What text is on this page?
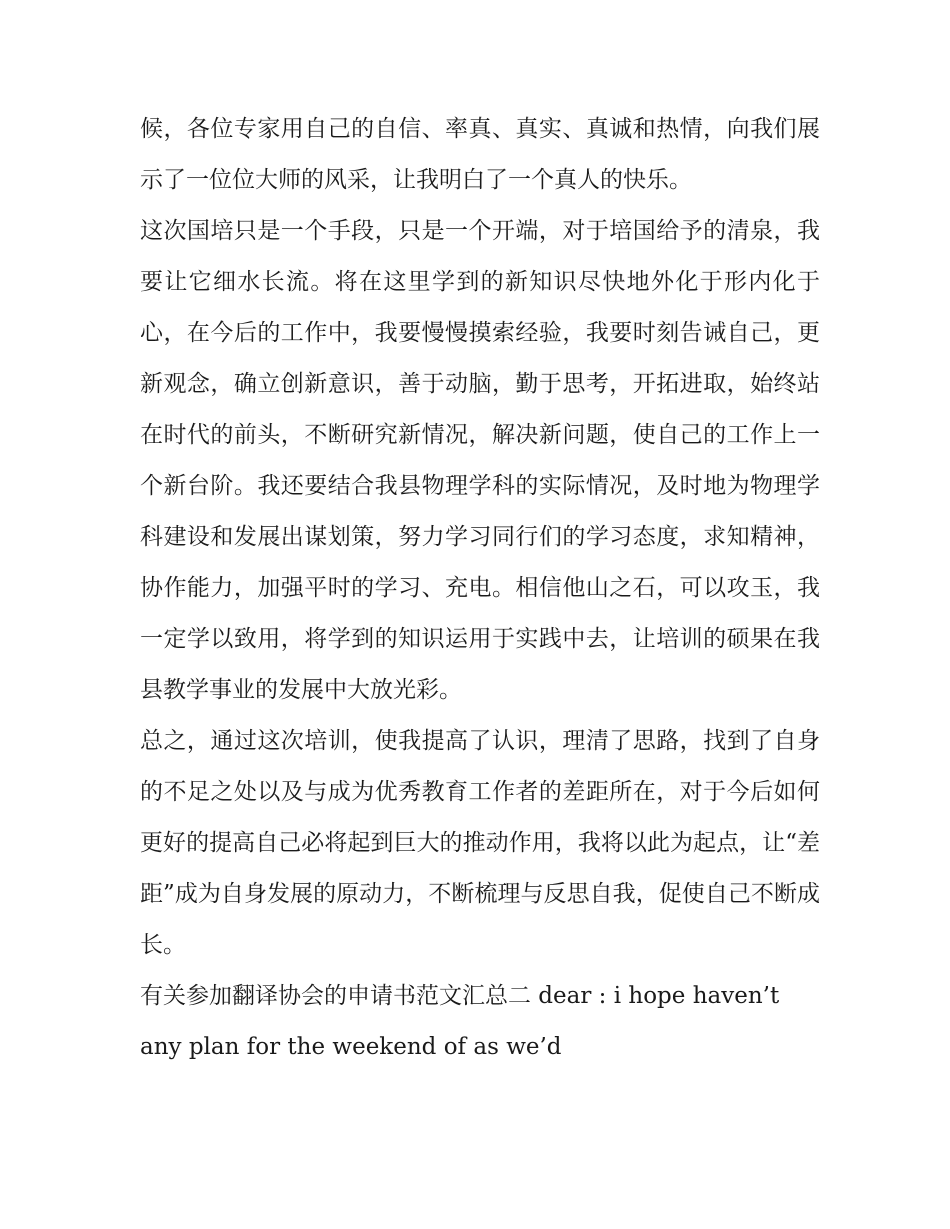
候，各位专家用自己的自信、率真、真实、真诚和热情，向我们展示了一位位大师的风采，让我明白了一个真人的快乐。

这次国培只是一个手段，只是一个开端，对于培国给予的清泉，我要让它细水长流。将在这里学到的新知识尽快地外化于形内化于心，在今后的工作中，我要慢慢摸索经验，我要时刻告诫自己，更新观念，确立创新意识，善于动脑，勤于思考，开拓进取，始终站在时代的前头，不断研究新情况，解决新问题，使自己的工作上一个新台阶。我还要结合我县物理学科的实际情况，及时地为物理学科建设和发展出谋划策，努力学习同行们的学习态度，求知精神，协作能力，加强平时的学习、充电。相信他山之石，可以攻玉，我一定学以致用，将学到的知识运用于实践中去，让培训的硕果在我县教学事业的发展中大放光彩。

总之，通过这次培训，使我提高了认识，理清了思路，找到了自身的不足之处以及与成为优秀教育工作者的差距所在，对于今后如何更好的提高自己必将起到巨大的推动作用，我将以此为起点，让“差距”成为自身发展的原动力，不断梳理与反思自我，促使自己不断成长。

有关参加翻译协会的申请书范文汇总二 dear : i hope haven’t any plan for the weekend of as we’d
